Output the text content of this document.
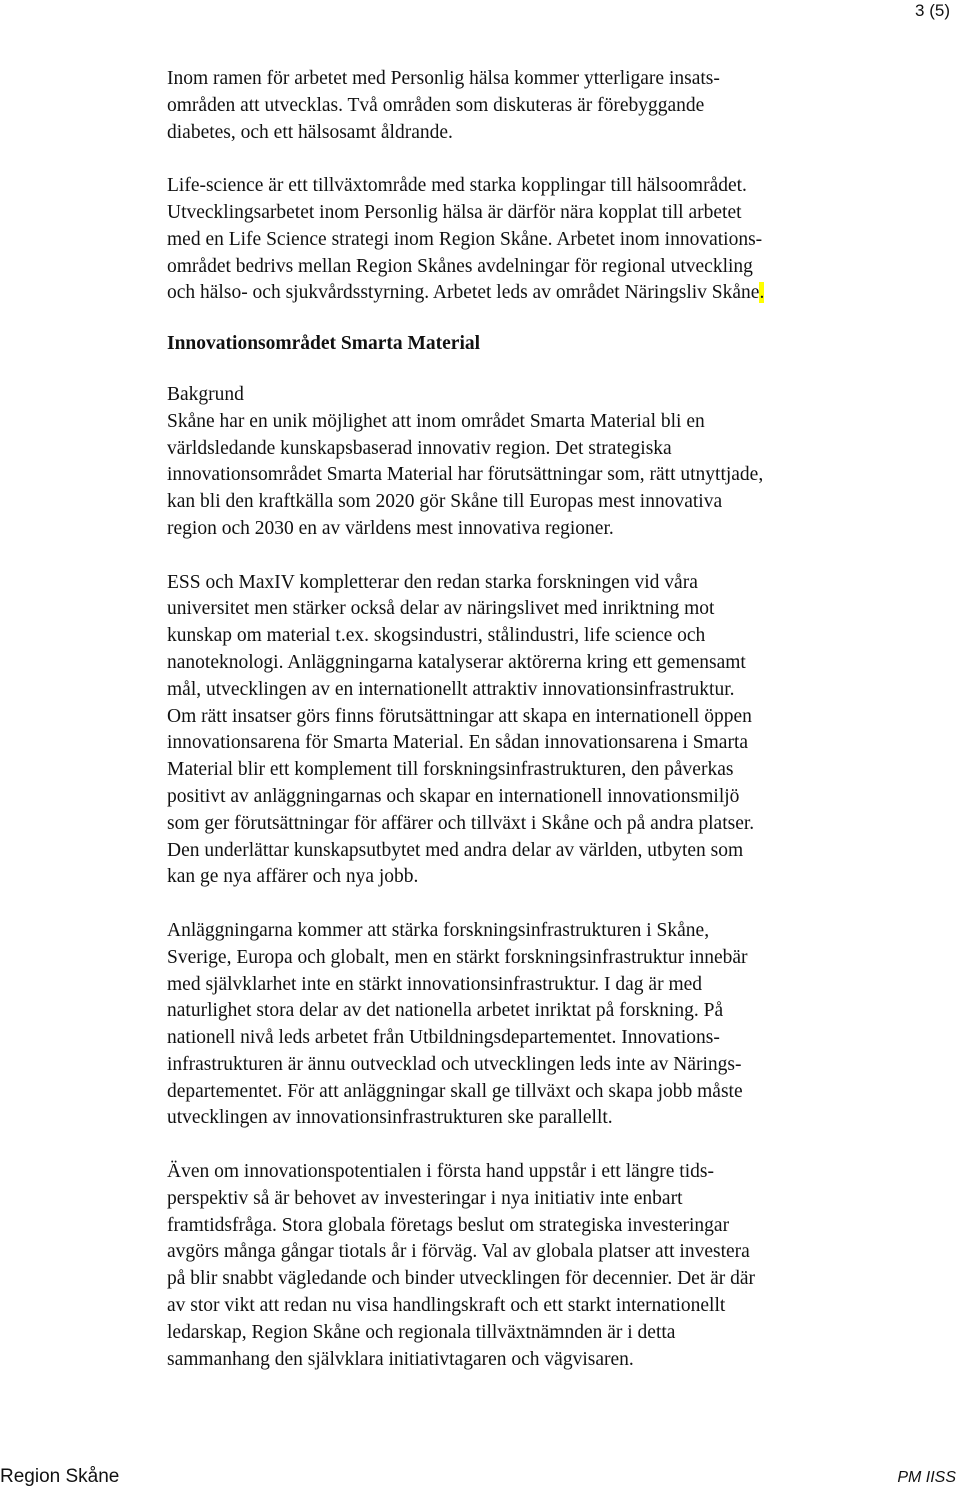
3 (5)
Inom ramen för arbetet med Personlig hälsa kommer ytterligare insats-
områden att utvecklas. Två områden som diskuteras är förebyggande
diabetes, och ett hälsosamt åldrande.
Life-science är ett tillväxtområde med starka kopplingar till hälsoområdet.
Utvecklingsarbetet inom Personlig hälsa är därför nära kopplat till arbetet
med en Life Science strategi inom Region Skåne. Arbetet inom innovations-
området bedrivs mellan Region Skånes avdelningar för regional utveckling
och hälso- och sjukvårdsstyrning. Arbetet leds av området Näringsliv Skåne.
Innovationsområdet Smarta Material
Bakgrund
Skåne har en unik möjlighet att inom området Smarta Material bli en
världsledande kunskapsbaserad innovativ region. Det strategiska
innovationsområdet Smarta Material har förutsättningar som, rätt utnyttjade,
kan bli den kraftkälla som 2020 gör Skåne till Europas mest innovativa
region och 2030 en av världens mest innovativa regioner.
ESS och MaxIV kompletterar den redan starka forskningen vid våra
universitet men stärker också delar av näringslivet med inriktning mot
kunskap om material t.ex. skogsindustri, stålindustri, life science och
nanoteknologi. Anläggningarna katalyserar aktörerna kring ett gemensamt
mål, utvecklingen av en internationellt attraktiv innovationsinfrastruktur.
Om rätt insatser görs finns förutsättningar att skapa en internationell öppen
innovationsarena för Smarta Material. En sådan innovationsarena i Smarta
Material blir ett komplement till forskningsinfrastrukturen, den påverkas
positivt av anläggningarnas och skapar en internationell innovationsmiljö
som ger förutsättningar för affärer och tillväxt i Skåne och på andra platser.
Den underlättar kunskapsutbytet med andra delar av världen, utbyten som
kan ge nya affärer och nya jobb.
Anläggningarna kommer att stärka forskningsinfrastrukturen i Skåne,
Sverige, Europa och globalt, men en stärkt forskningsinfrastruktur innebär
med självklarhet inte en stärkt innovationsinfrastruktur. I dag är med
naturlighet stora delar av det nationella arbetet inriktat på forskning. På
nationell nivå leds arbetet från Utbildningsdepartementet. Innovations-
infrastrukturen är ännu outvecklad och utvecklingen leds inte av Närings-
departementet. För att anläggningar skall ge tillväxt och skapa jobb måste
utvecklingen av innovationsinfrastrukturen ske parallellt.
Även om innovationspotentialen i första hand uppstår i ett längre tids-
perspektiv så är behovet av investeringar i nya initiativ inte enbart
framtidsfråga. Stora globala företags beslut om strategiska investeringar
avgörs många gångar tiotals år i förväg. Val av globala platser att investera
på blir snabbt vägledande och binder utvecklingen för decennier. Det är där
av stor vikt att redan nu visa handlingskraft och ett starkt internationellt
ledarskap, Region Skåne och regionala tillväxtnämnden är i detta
sammanhang den självklara initiativtagaren och vägvisaren.
Region Skåne	PM IISS
